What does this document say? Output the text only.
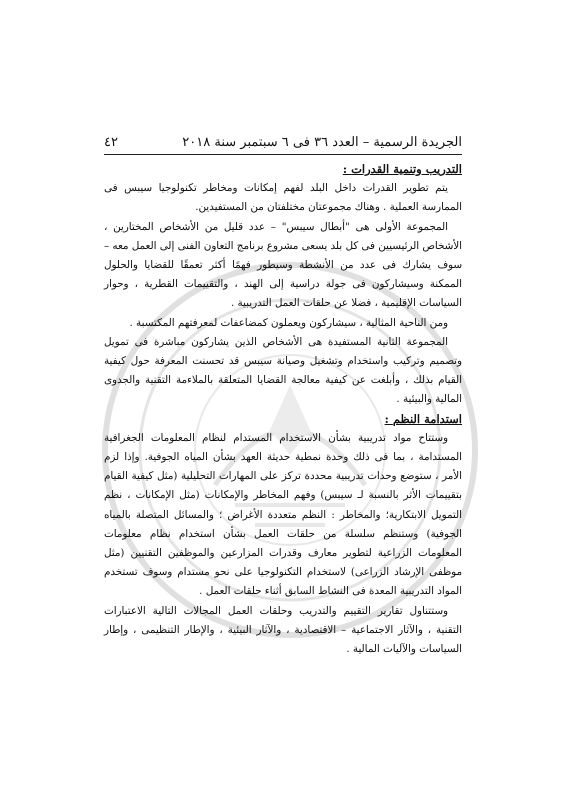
الجريدة الرسمية – العدد ٣٦ فى ٦ سبتمبر سنة ٢٠١٨
٤٢
التدريب وتنمية القدرات :

يتم تطوير القدرات داخل البلد لفهم إمكانات ومخاطر تكنولوجيا سيبس فى الممارسة العملية . وهناك مجموعتان مختلفتان من المستفيدين.

المجموعة الأولى هى "أبطال سيبس" – عدد قليل من الأشخاص المختارين ، الأشخاص الرئيسيين فى كل بلد يسعى مشروع برنامج التعاون الفنى إلى العمل معه – سوف يشارك فى عدد من الأنشطة وسيطور فهمًا أكثر تعمقًا للقضايا والحلول الممكنة وسيشاركون فى جولة دراسية إلى الهند ، والتقييمات القطرية ، وحوار السياسات الإقليمية ، فضلا عن حلقات العمل التدريبية .

ومن الناحية المثالية ، سيشاركون ويعملون كمضاعفات لمعرفتهم المكتسبة .

المجموعة الثانية المستفيدة هى الأشخاص الذين يشاركون مباشرة فى تمويل وتصميم وتركيب واستخدام وتشغيل وصيانة سيبس قد تحسنت المعرفة حول كيفية القيام بذلك ، وأبلغت عن كيفية معالجة القضايا المتعلقة بالملاءمة التقنية والجدوى المالية والبيئية .

استدامة النظم :

وستتاح مواد تدريبية بشأن الاستخدام المستدام لنظام المعلومات الجغرافية المستدامة ، بما فى ذلك وحدة نمطية حديثة العهد بشأن المياه الجوفية. وإذا لزم الأمر ، ستوضع وحدات تدريبية محددة تركز على المهارات التحليلية (مثل كيفية القيام بتقييمات الأثر بالنسبة لـ سيبس) وفهم المخاطر والإمكانات (مثل الإمكانات ، نظم التمويل الابتكارية؛ والمخاطر : النظم متعددة الأغراض ؛ والمسائل المتصلة بالمياه الجوفية) وستنظم سلسلة من حلقات العمل بشأن استخدام نظام معلومات المعلومات الزراعية لتطوير معارف وقدرات المزارعين والموظفين التقنيين (مثل موظفى الإرشاد الزراعى) لاستخدام التكنولوجيا على نحو مستدام وسوف تستخدم المواد التدريبية المعدة فى النشاط السابق أثناء حلقات العمل .

وستتناول تقارير التقييم والتدريب وحلقات العمل المجالات التالية الاعتبارات التقنية ، والآثار الاجتماعية – الاقتصادية ، والآثار البيئية ، والإطار التنظيمى ، وإطار السياسات والآليات المالية .
